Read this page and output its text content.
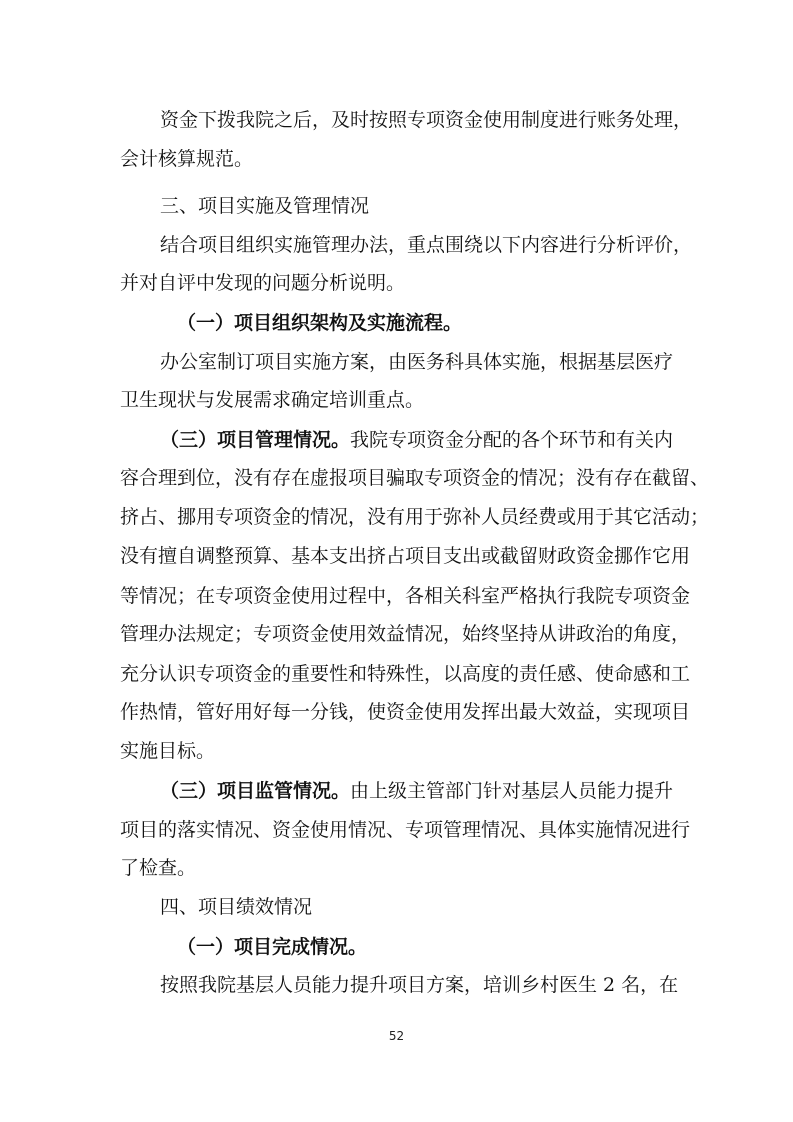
资金下拨我院之后，及时按照专项资金使用制度进行账务处理，
会计核算规范。
三、项目实施及管理情况
结合项目组织实施管理办法，重点围绕以下内容进行分析评价，
并对自评中发现的问题分析说明。
（一）项目组织架构及实施流程。
办公室制订项目实施方案，由医务科具体实施，根据基层医疗
卫生现状与发展需求确定培训重点。
（三）项目管理情况。我院专项资金分配的各个环节和有关内
容合理到位，没有存在虚报项目骗取专项资金的情况；没有存在截留、
挤占、挪用专项资金的情况，没有用于弥补人员经费或用于其它活动；
没有擅自调整预算、基本支出挤占项目支出或截留财政资金挪作它用
等情况；在专项资金使用过程中，各相关科室严格执行我院专项资金
管理办法规定；专项资金使用效益情况，始终坚持从讲政治的角度，
充分认识专项资金的重要性和特殊性，以高度的责任感、使命感和工
作热情，管好用好每一分钱，使资金使用发挥出最大效益，实现项目
实施目标。
（三）项目监管情况。由上级主管部门针对基层人员能力提升
项目的落实情况、资金使用情况、专项管理情况、具体实施情况进行
了检查。
四、项目绩效情况
（一）项目完成情况。
按照我院基层人员能力提升项目方案，培训乡村医生 2 名，在
52
